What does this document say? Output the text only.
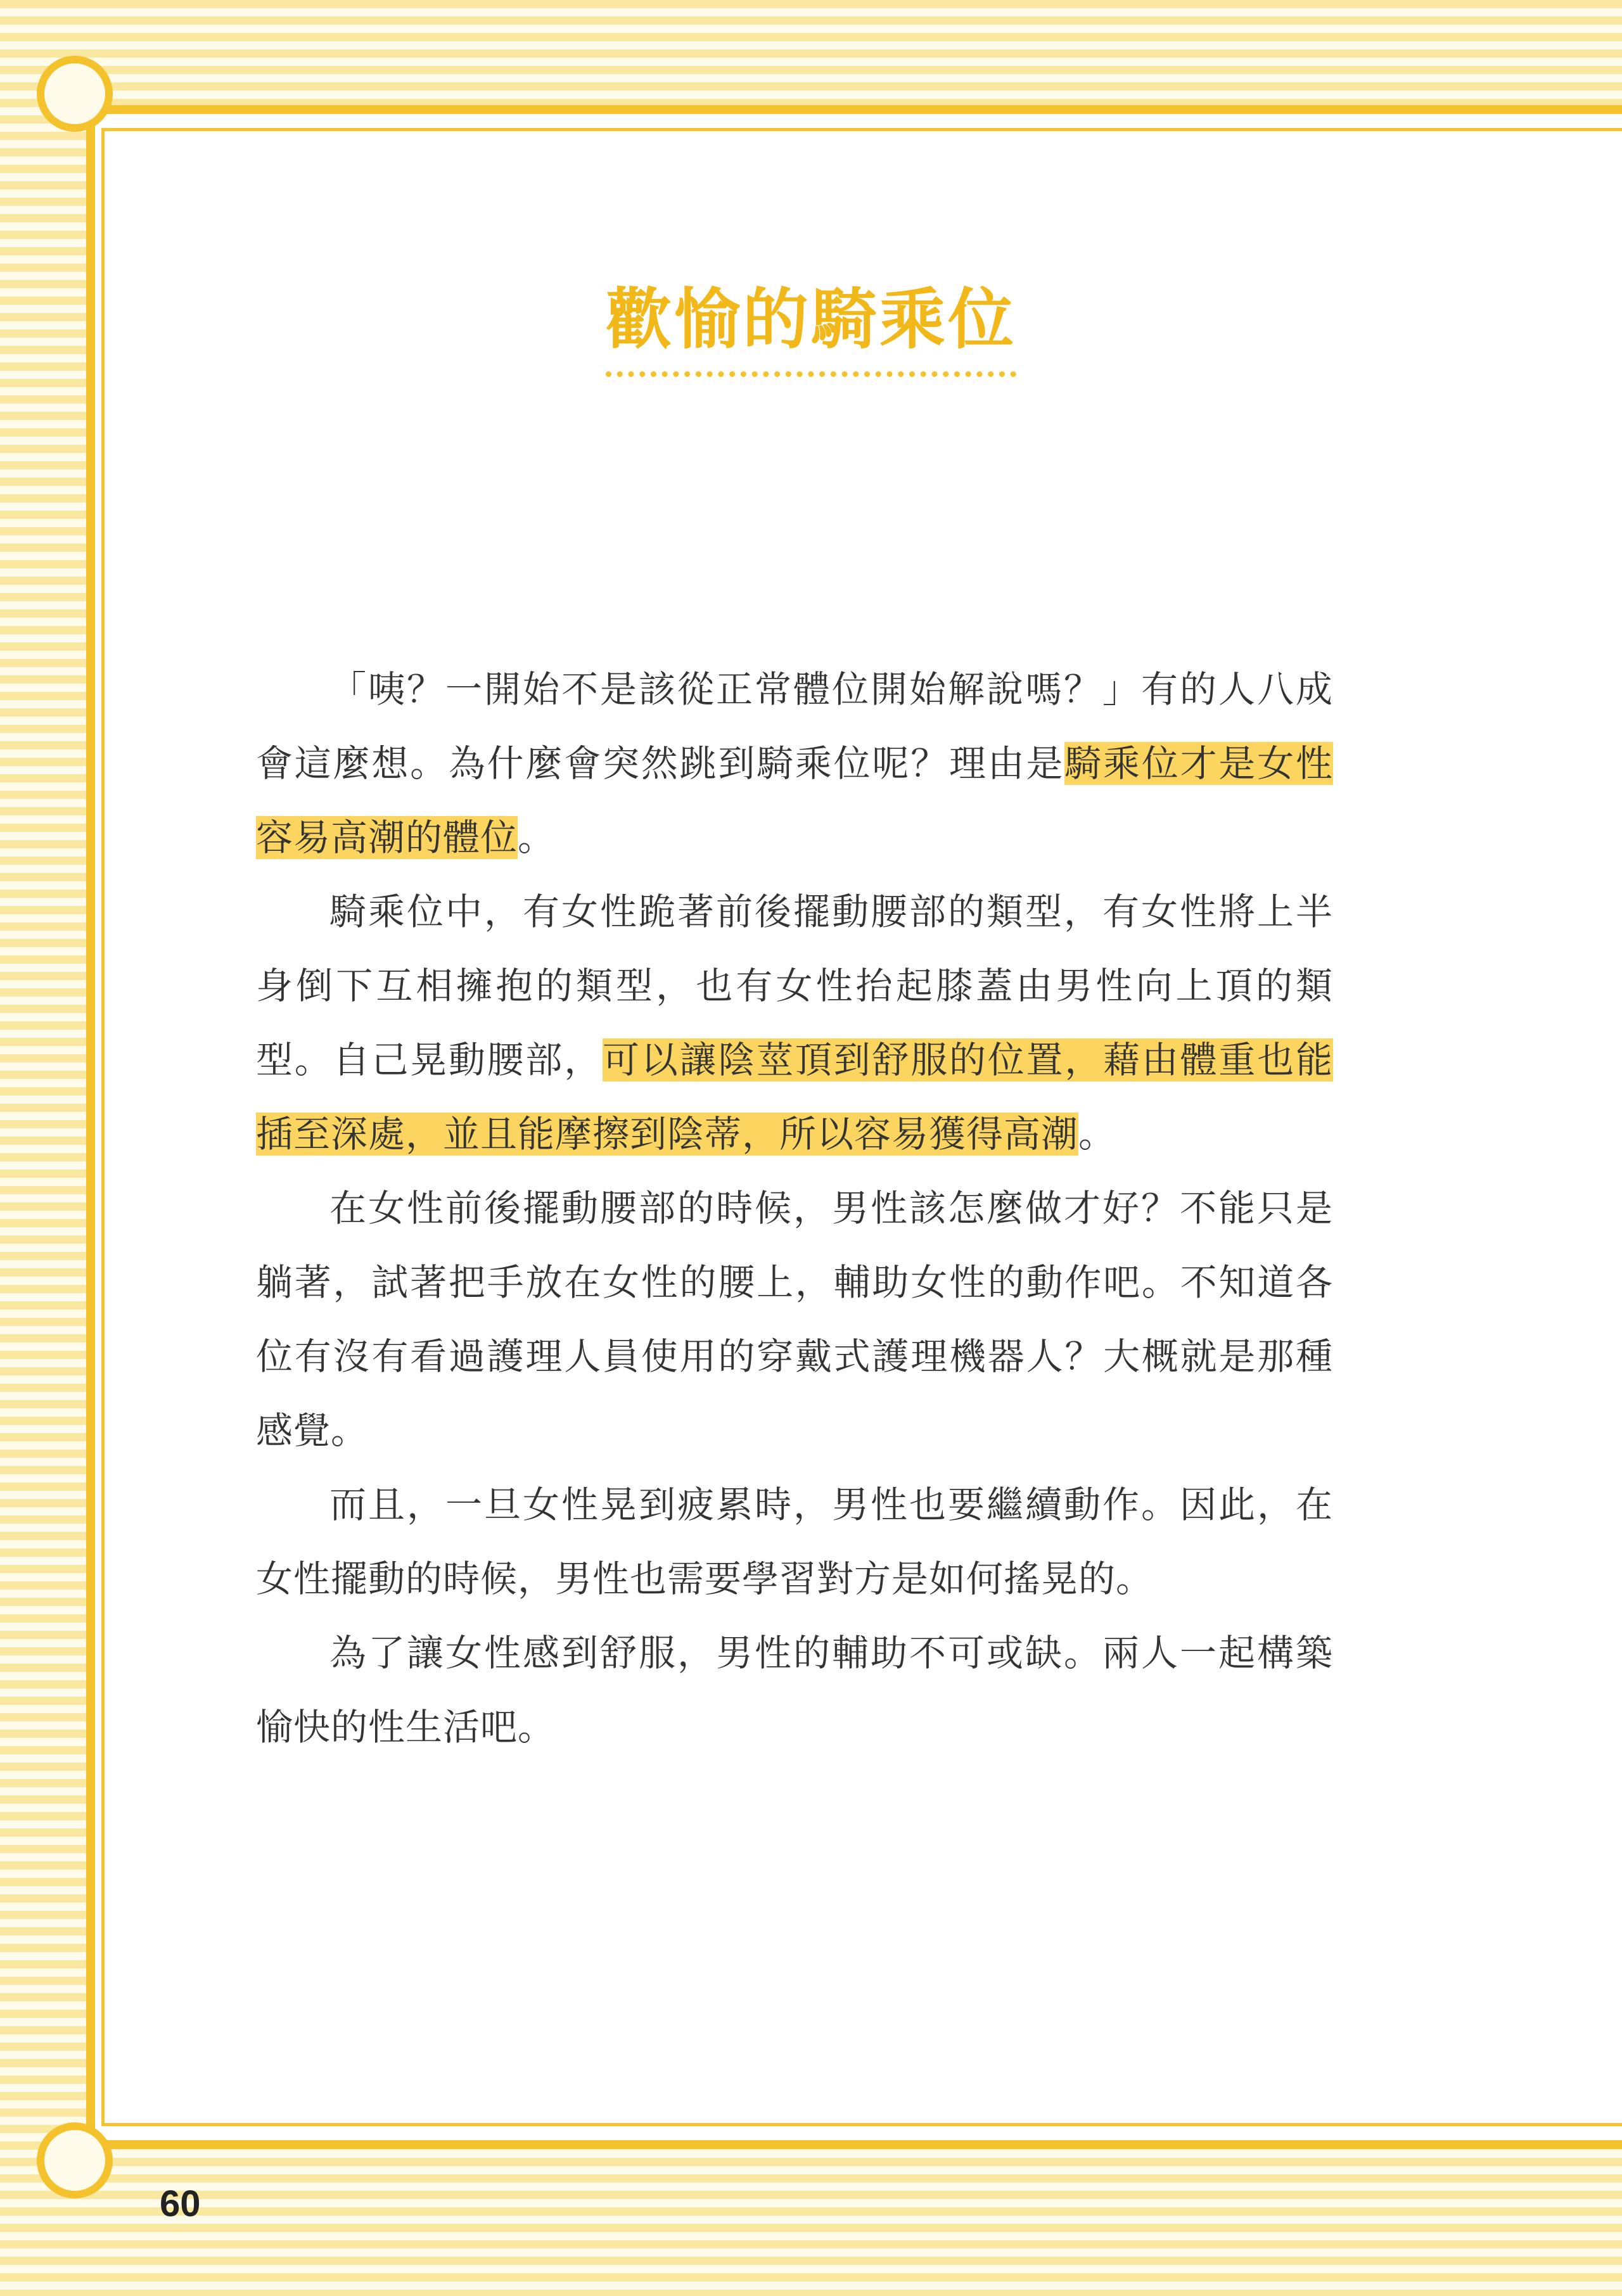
歡愉的騎乘位

「咦？一開始不是該從正常體位開始解說嗎？」有的人八成會這麼想。為什麼會突然跳到騎乘位呢？理由是騎乘位才是女性容易高潮的體位。

騎乘位中，有女性跪著前後擺動腰部的類型，有女性將上半身倒下互相擁抱的類型，也有女性抬起膝蓋由男性向上頂的類型。自己晃動腰部，可以讓陰莖頂到舒服的位置，藉由體重也能插至深處，並且能摩擦到陰蒂，所以容易獲得高潮。

在女性前後擺動腰部的時候，男性該怎麼做才好？不能只是躺著，試著把手放在女性的腰上，輔助女性的動作吧。不知道各位有沒有看過護理人員使用的穿戴式護理機器人？大概就是那種感覺。

而且，一旦女性晃到疲累時，男性也要繼續動作。因此，在女性擺動的時候，男性也需要學習對方是如何搖晃的。

為了讓女性感到舒服，男性的輔助不可或缺。兩人一起構築愉快的性生活吧。

60
